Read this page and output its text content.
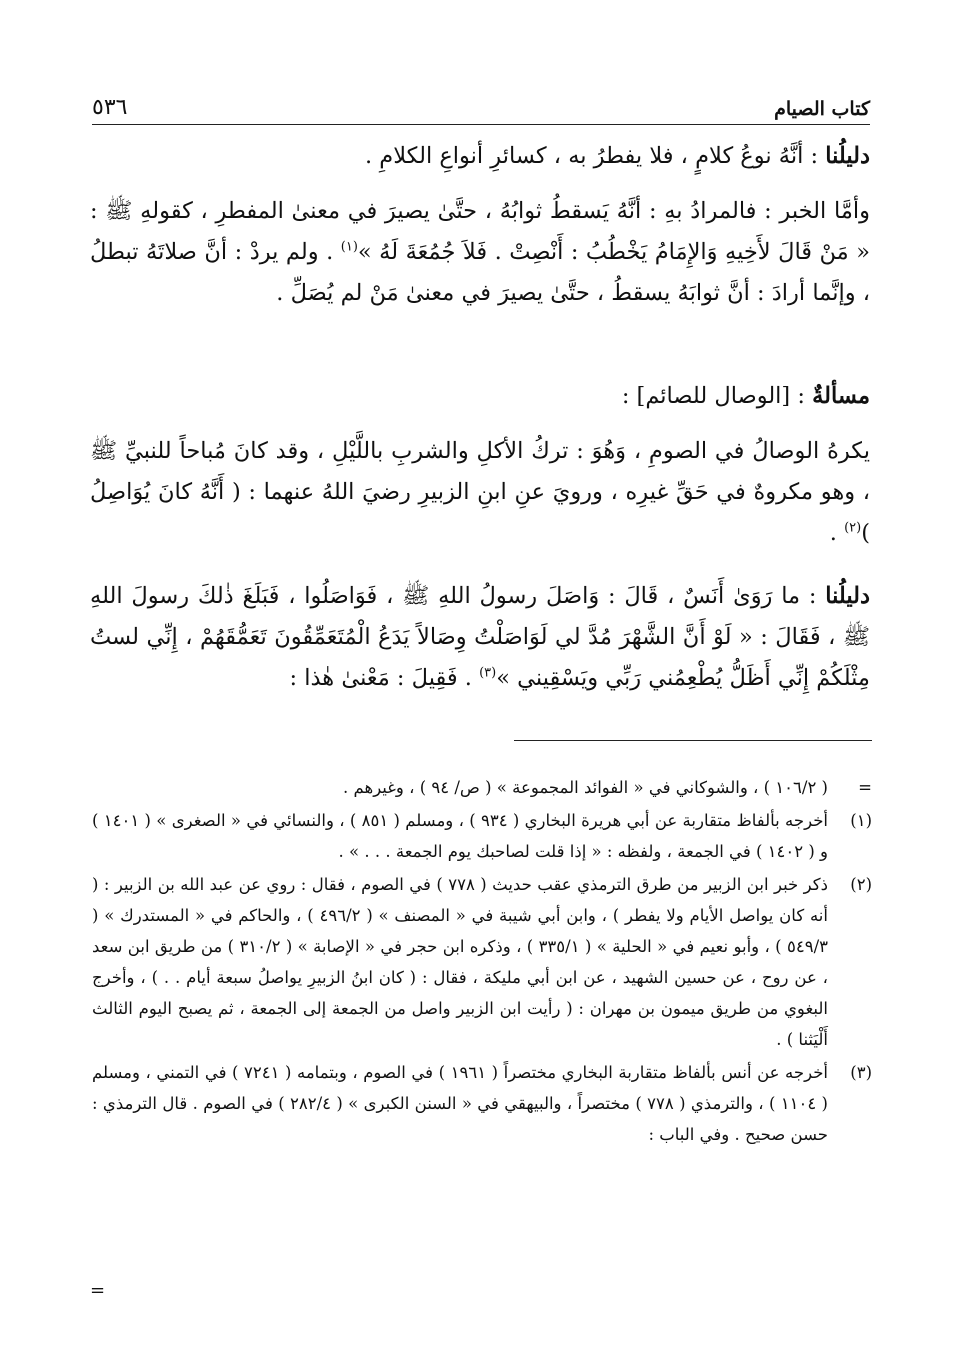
كتاب الصيام
٥٣٦

دليلُنا : أنَّهُ نوعُ كلامٍ ، فلا يفطرُ به ، كسائرِ أنواعِ الكلامِ .

وأمَّا الخبر : فالمرادُ بهِ : أنَّهُ يَسقطُ ثوابُهُ ، حتَّىٰ يصيرَ في معنىٰ المفطرِ ، كقولهِ ﷺ : « مَنْ قَالَ لأَخِيهِ وَالإِمَامُ يَخْطُبُ : أَنْصِتْ . فَلاَ جُمُعَةَ لَهُ »$^{(١)}$ . ولم يردْ : أنَّ صلاتَهُ تبطلُ ، وإنَّما أرادَ : أنَّ ثوابَهُ يسقطُ ، حتَّىٰ يصيرَ في معنىٰ مَنْ لم يُصَلِّ .

مسألةٌ : [الوصال للصائم] :

يكرهُ الوصالُ في الصومِ ، وَهُوَ : تركُ الأكلِ والشربِ باللَّيْلِ ، وقد كانَ مُباحاً للنبيِّ ﷺ ، وهو مكروهٌ في حَقِّ غيرِه ، ورويَ عنِ ابنِ الزبيرِ رضيَ اللهُ عنهما : ( أَنَّهُ كانَ يُوَاصِلُ )$^{(٢)}$ .

دليلُنا : ما رَوَىٰ أَنَسٌ ، قَالَ : وَاصَلَ رسولُ اللهِ ﷺ ، فَوَاصَلُوا ، فَبَلَغَ ذٰلكَ رسولَ اللهِ ﷺ ، فَقَالَ : « لَوْ أَنَّ الشَّهْرَ مُدَّ لي لَوَاصَلْتُ وِصَالاً يَدَعُ الْمُتَعَمِّقُونَ تَعَمُّقَهُمْ ، إِنِّي لستُ مِثْلَكُمْ إِنِّي أَظَلُّ يُطْعِمُني رَبِّي ويَسْقِيني »$^{(٣)}$ . فَقِيلَ : مَعْنىٰ هٰذا :

=
( ١٠٦/٢ ) ، والشوكاني في « الفوائد المجموعة » ( ص/ ٩٤ ) ، وغيرهم .
(١)
أخرجه بألفاظ متقاربة عن أبي هريرة البخاري ( ٩٣٤ ) ، ومسلم ( ٨٥١ ) ، والنسائي في « الصغرى » ( ١٤٠١ ) و ( ١٤٠٢ ) في الجمعة ، ولفظه : « إذا قلت لصاحبك يوم الجمعة . . . » .
(٢)
ذكر خبر ابن الزبير من طرق الترمذي عقب حديث ( ٧٧٨ ) في الصوم ، فقال : روي عن عبد الله بن الزبير : ( أنه كان يواصل الأيام ولا يفطر ) ، وابن أبي شيبة في « المصنف » ( ٤٩٦/٢ ) ، والحاكم في « المستدرك » ( ٥٤٩/٣ ) ، وأبو نعيم في « الحلية » ( ٣٣٥/١ ) ، وذكره ابن حجر في « الإصابة » ( ٣١٠/٢ ) من طريق ابن سعد ، عن روح ، عن حسين الشهيد ، عن ابن أبي مليكة ، فقال : ( كان ابنُ الزبيرِ يواصلُ سبعة أيام . . ) ، وأخرج البغوي من طريق ميمون بن مهران : ( رأيت ابن الزبير واصل من الجمعة إلى الجمعة ، ثم يصبح اليوم الثالث أَلْيَثنا ) .
(٣)
أخرجه عن أنس بألفاظ متقاربة البخاري مختصراً ( ١٩٦١ ) في الصوم ، وبتمامه ( ٧٢٤١ ) في التمني ، ومسلم ( ١١٠٤ ) ، والترمذي ( ٧٧٨ ) مختصراً ، والبيهقي في « السنن الكبرى » ( ٢٨٢/٤ ) في الصوم . قال الترمذي : حسن صحيح . وفي الباب :
=
